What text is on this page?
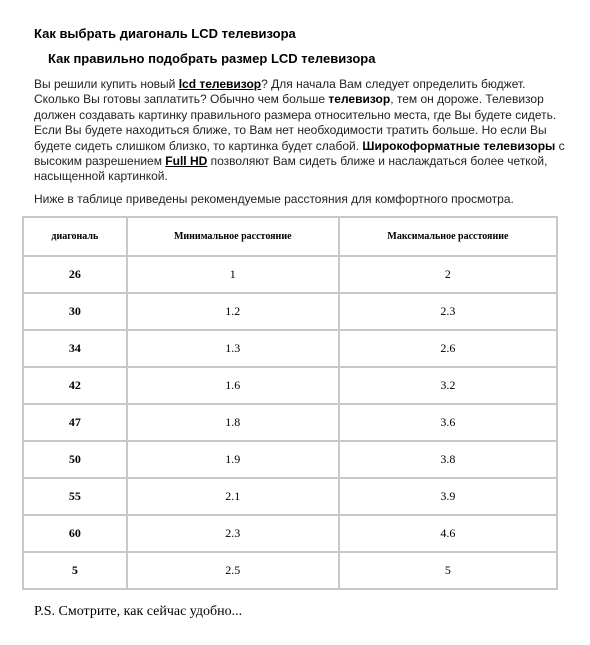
Как выбрать диагональ LCD телевизора
Как правильно подобрать размер LCD телевизора
Вы решили купить новый lcd телевизор? Для начала Вам следует определить бюджет. Сколько Вы готовы заплатить? Обычно чем больше телевизор, тем он дороже. Телевизор должен создавать картинку правильного размера относительно места, где Вы будете сидеть. Если Вы будете находиться ближе, то Вам нет необходимости тратить больше. Но если Вы будете сидеть слишком близко, то картинка будет слабой. Широкоформатные телевизоры с высоким разрешением Full HD позволяют Вам сидеть ближе и наслаждаться более четкой, насыщенной картинкой.
Ниже в таблице приведены рекомендуемые расстояния для комфортного просмотра.
диагональ	Минимальное расстояние	Максимальное расстояние
26	1	2
30	1.2	2.3
34	1.3	2.6
42	1.6	3.2
47	1.8	3.6
50	1.9	3.8
55	2.1	3.9
60	2.3	4.6
5	2.5	5
P.S. Смотрите, как сейчас удобно...
